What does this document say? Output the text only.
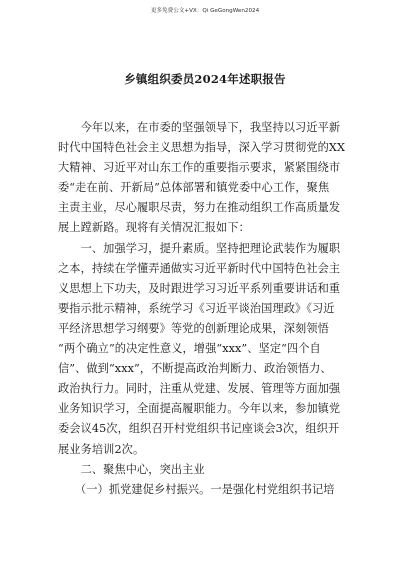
更多免费公文+VX：Qi GeGongWen2024
乡镇组织委员2024年述职报告
　　今年以来，在市委的坚强领导下，我坚持以习近平新
时代中国特色社会主义思想为指导，深入学习贯彻党的XX
大精神、习近平对山东工作的重要指示要求，紧紧围绕市
委“走在前、开新局”总体部署和镇党委中心工作，聚焦
主责主业，尽心履职尽责，努力在推动组织工作高质量发
展上蹚新路。现将有关情况汇报如下：
　　一、加强学习，提升素质。坚持把理论武装作为履职
之本，持续在学懂弄通做实习近平新时代中国特色社会主
义思想上下功夫，及时跟进学习习近平系列重要讲话和重
要指示批示精神，系统学习《习近平谈治国理政》《习近
平经济思想学习纲要》等党的创新理论成果，深刻领悟
“两个确立”的决定性意义，增强“xxx”、坚定“四个自
信”、做到“xxx”，不断提高政治判断力、政治领悟力、
政治执行力。同时，注重从党建、发展、管理等方面加强
业务知识学习，全面提高履职能力。今年以来，参加镇党
委会议45次，组织召开村党组织书记座谈会3次，组织开
展业务培训2次。
　　二、聚焦中心，突出主业
　　（一）抓党建促乡村振兴。一是强化村党组织书记培
